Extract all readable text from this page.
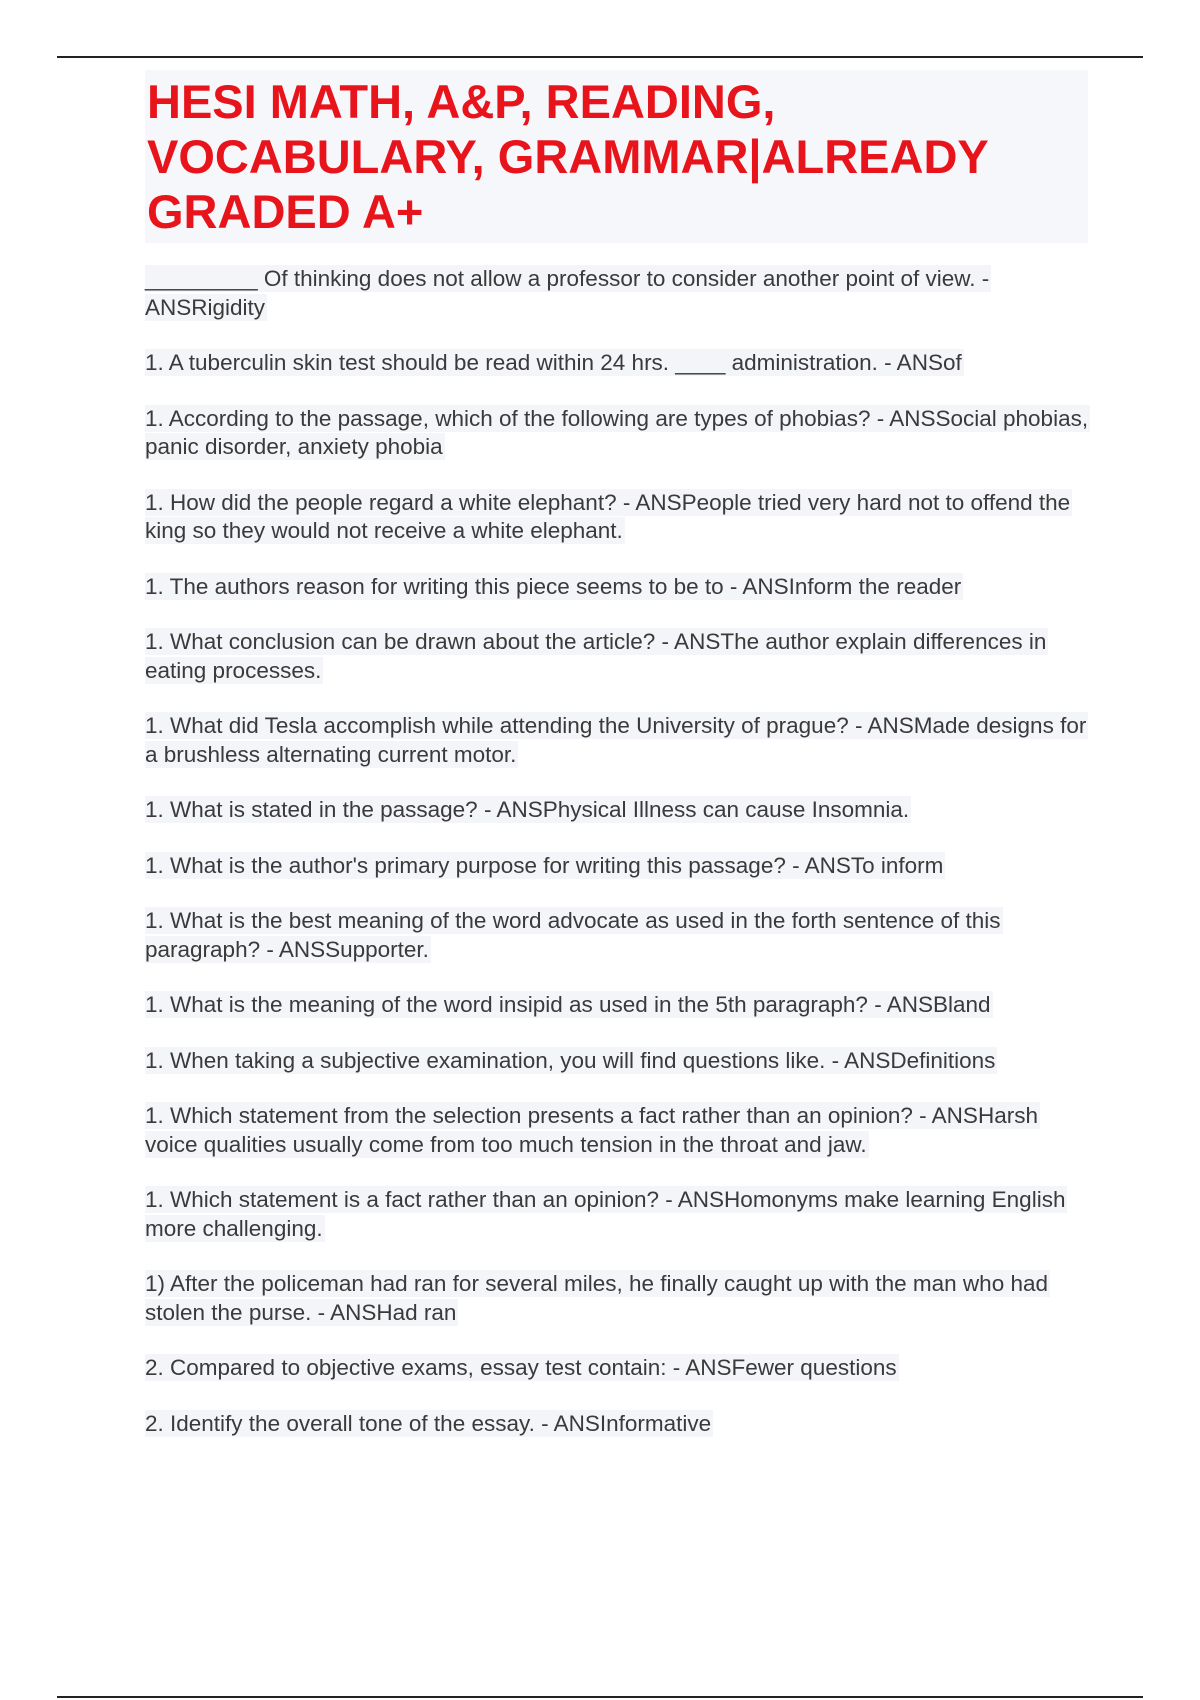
HESI MATH, A&P, READING, VOCABULARY, GRAMMAR|ALREADY GRADED A+
_________ Of thinking does not allow a professor to consider another point of view. - ANSRigidity
1. A tuberculin skin test should be read within 24 hrs. ____ administration. - ANSof
1. According to the passage, which of the following are types of phobias? - ANSSocial phobias, panic disorder, anxiety phobia
1. How did the people regard a white elephant? - ANSPeople tried very hard not to offend the king so they would not receive a white elephant.
1. The authors reason for writing this piece seems to be to - ANSInform the reader
1. What conclusion can be drawn about the article? - ANSThe author explain differences in eating processes.
1. What did Tesla accomplish while attending the University of prague? - ANSMade designs for a brushless alternating current motor.
1. What is stated in the passage? - ANSPhysical Illness can cause Insomnia.
1. What is the author's primary purpose for writing this passage? - ANSTo inform
1. What is the best meaning of the word advocate as used in the forth sentence of this paragraph? - ANSSupporter.
1. What is the meaning of the word insipid as used in the 5th paragraph? - ANSBland
1. When taking a subjective examination, you will find questions like. - ANSDefinitions
1. Which statement from the selection presents a fact rather than an opinion? - ANSHarsh voice qualities usually come from too much tension in the throat and jaw.
1. Which statement is a fact rather than an opinion? - ANSHomonyms make learning English more challenging.
1) After the policeman had ran for several miles, he finally caught up with the man who had stolen the purse. - ANSHad ran
2. Compared to objective exams, essay test contain: - ANSFewer questions
2. Identify the overall tone of the essay. - ANSInformative
